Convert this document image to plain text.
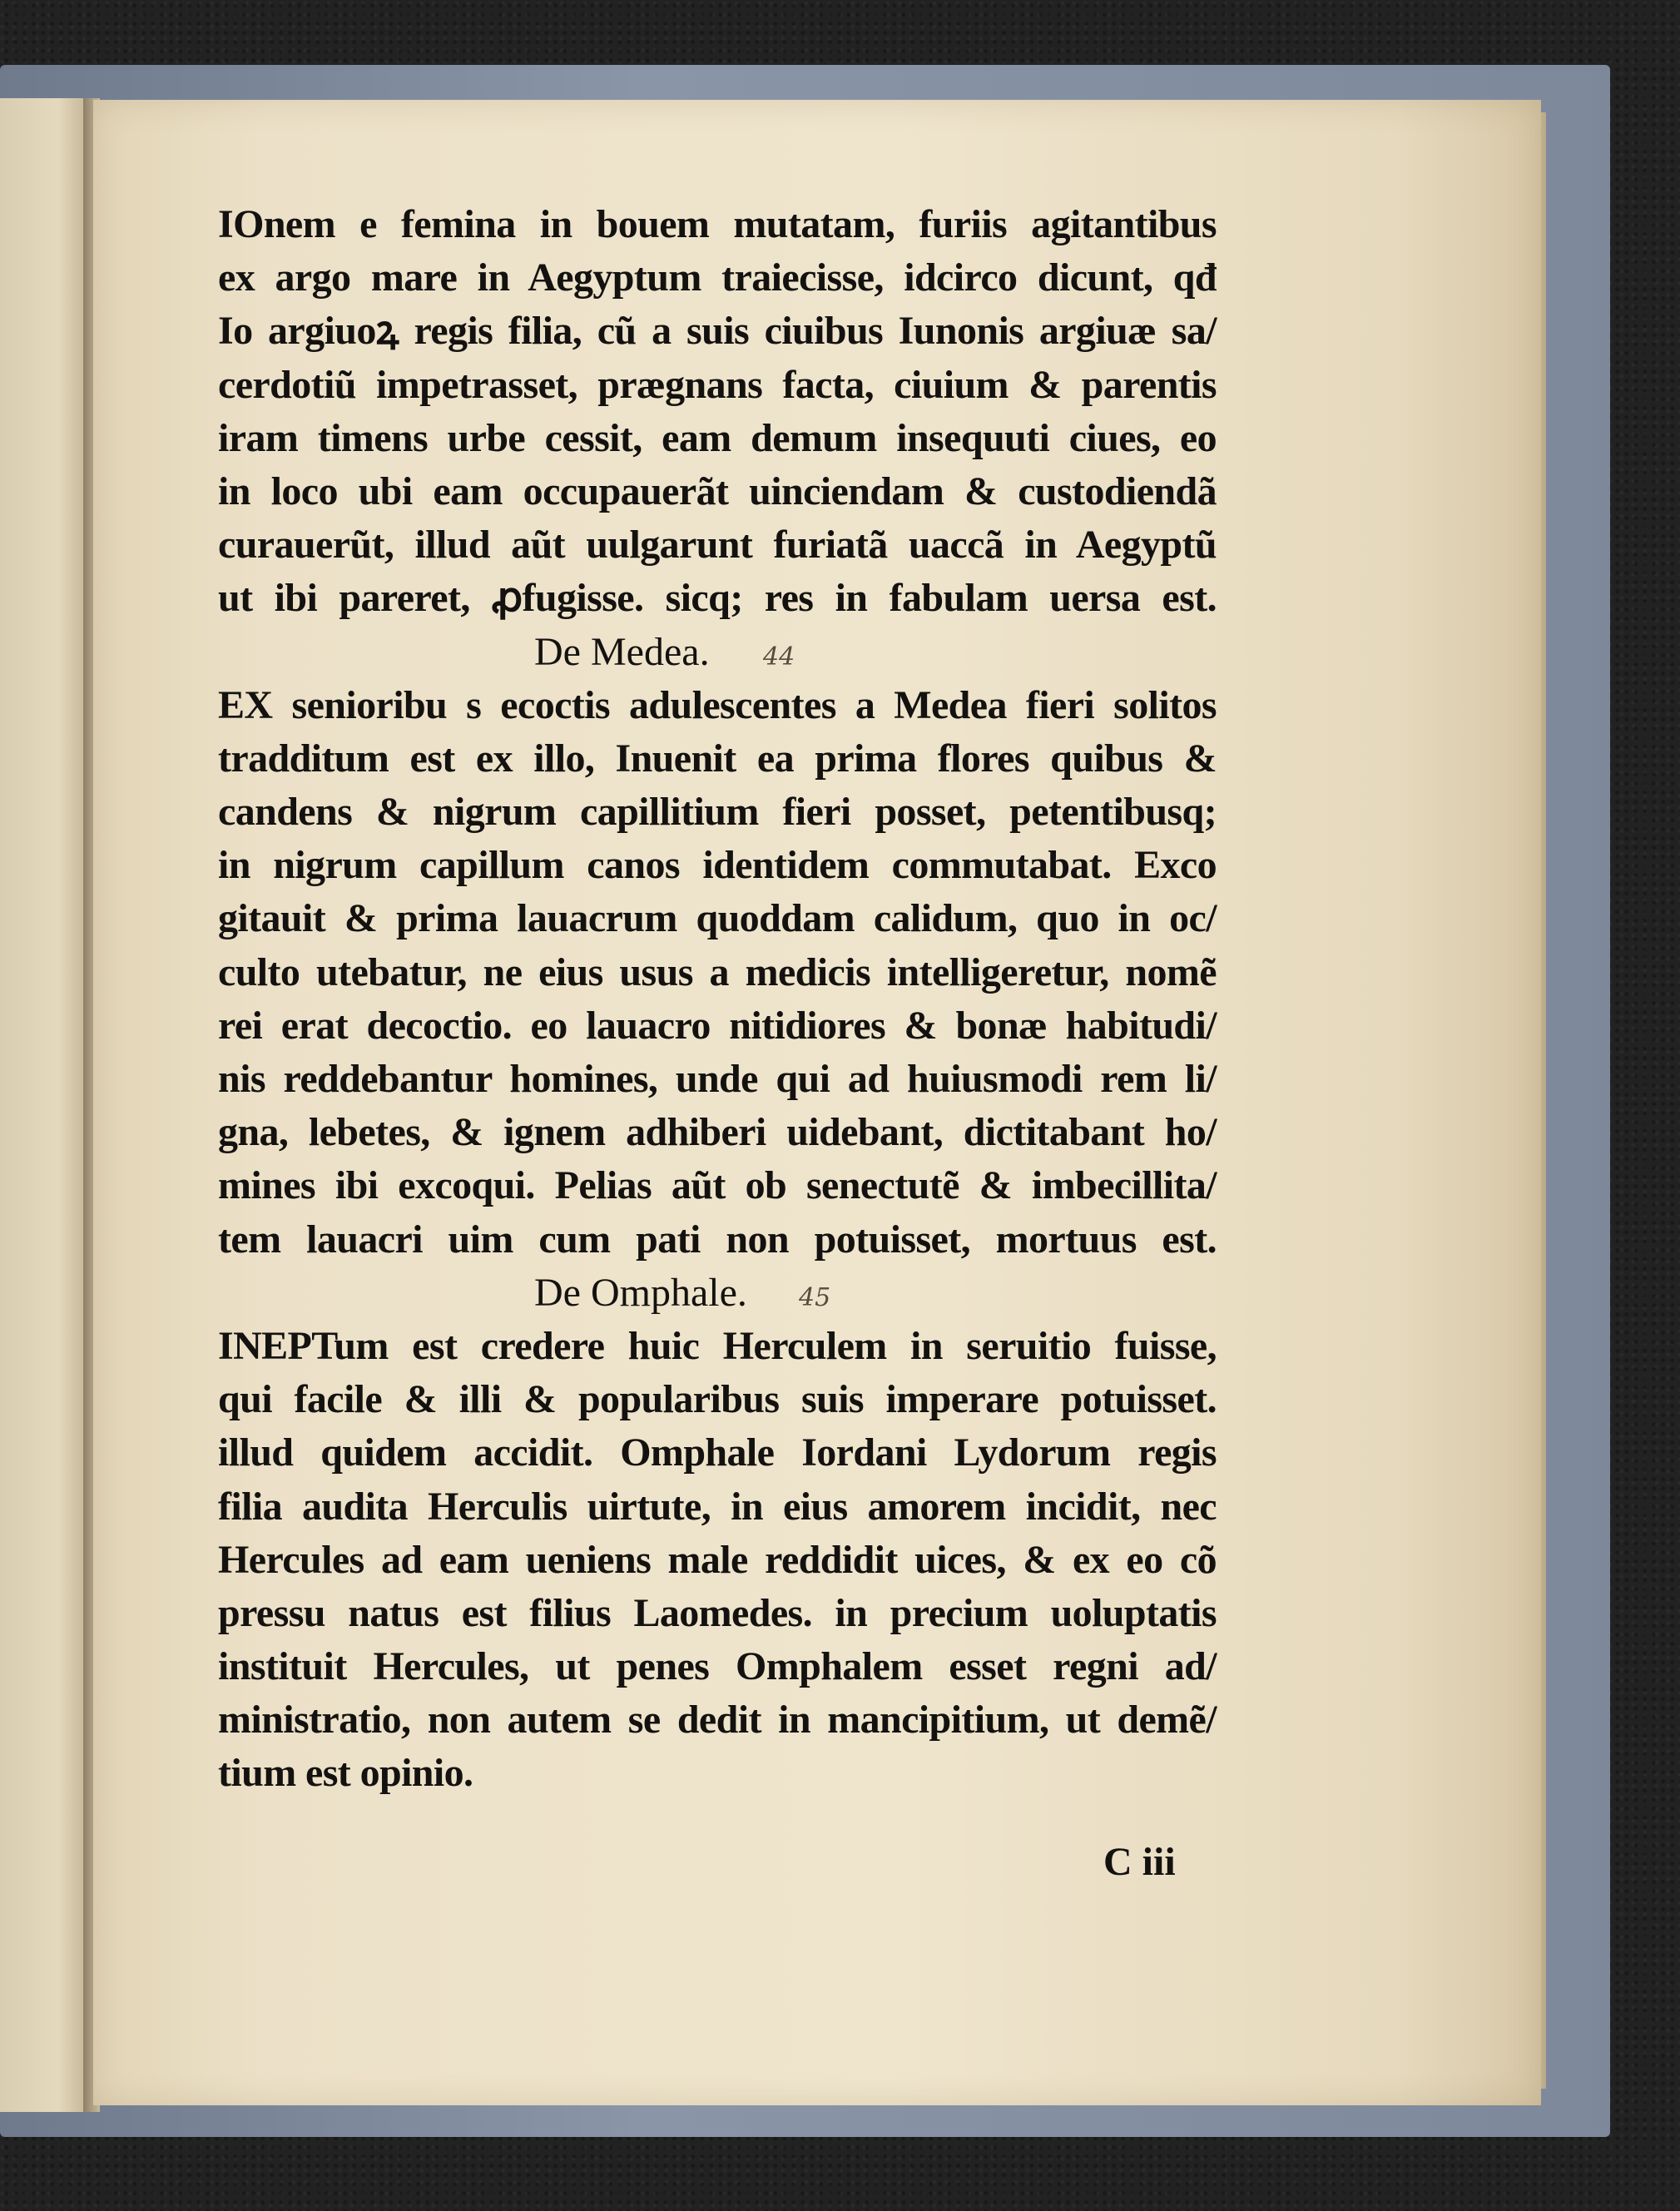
IOnem e femina in bouem mutatam, furiis agitantibus
ex argo mare in Aegyptum traiecisse, idcirco dicunt, qđ
Io argiuoꝝ regis filia, cũ a suis ciuibus Iunonis argiuæ sa/
cerdotiũ impetrasset, prægnans facta, ciuium & parentis
iram timens urbe cessit, eam demum insequuti ciues, eo
in loco ubi eam occupauerãt uinciendam & custodiendã
curauerũt, illud aũt uulgarunt furiatã uaccã in Aegyptũ
ut ibi pareret, ꝓfugisse. sicq; res in fabulam uersa est.
De Medea. 44
EX senioribu s ecoctis adulescentes a Medea fieri solitos
tradditum est ex illo, Inuenit ea prima flores quibus &
candens & nigrum capillitium fieri posset, petentibusq;
in nigrum capillum canos identidem commutabat. Exco
gitauit & prima lauacrum quoddam calidum, quo in oc/
culto utebatur, ne eius usus a medicis intelligeretur, nomẽ
rei erat decoctio. eo lauacro nitidiores & bonæ habitudi/
nis reddebantur homines, unde qui ad huiusmodi rem li/
gna, lebetes, & ignem adhiberi uidebant, dictitabant ho/
mines ibi excoqui. Pelias aũt ob senectutẽ & imbecillita/
tem lauacri uim cum pati non potuisset, mortuus est.
De Omphale. 45
INEPTum est credere huic Herculem in seruitio fuisse,
qui facile & illi & popularibus suis imperare potuisset.
illud quidem accidit. Omphale Iordani Lydorum regis
filia audita Herculis uirtute, in eius amorem incidit, nec
Hercules ad eam ueniens male reddidit uices, & ex eo cõ
pressu natus est filius Laomedes. in precium uoluptatis
instituit Hercules, ut penes Omphalem esset regni ad/
ministratio, non autem se dedit in mancipitium, ut demẽ/
tium est opinio.
C iii
